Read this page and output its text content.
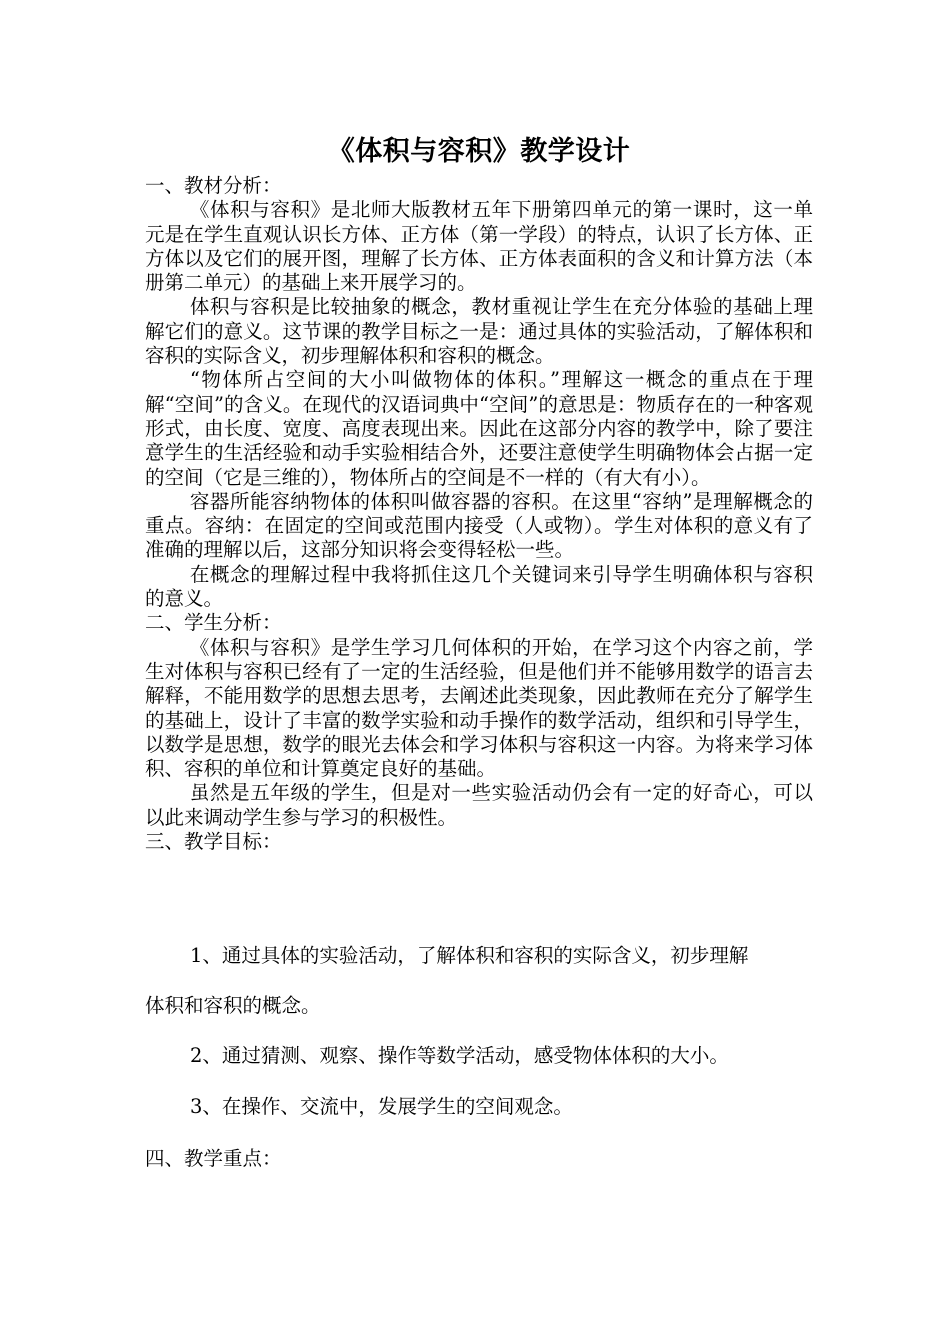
《体积与容积》教学设计

一、教材分析：

《体积与容积》是北师大版教材五年下册第四单元的第一课时，这一单元是在学生直观认识长方体、正方体（第一学段）的特点，认识了长方体、正方体以及它们的展开图，理解了长方体、正方体表面积的含义和计算方法（本册第二单元）的基础上来开展学习的。

体积与容积是比较抽象的概念，教材重视让学生在充分体验的基础上理解它们的意义。这节课的教学目标之一是：通过具体的实验活动，了解体积和容积的实际含义，初步理解体积和容积的概念。

“物体所占空间的大小叫做物体的体积。”理解这一概念的重点在于理解“空间”的含义。在现代的汉语词典中“空间”的意思是：物质存在的一种客观形式，由长度、宽度、高度表现出来。因此在这部分内容的教学中，除了要注意学生的生活经验和动手实验相结合外，还要注意使学生明确物体会占据一定的空间（它是三维的），物体所占的空间是不一样的（有大有小）。

容器所能容纳物体的体积叫做容器的容积。在这里“容纳”是理解概念的重点。容纳：在固定的空间或范围内接受（人或物）。学生对体积的意义有了准确的理解以后，这部分知识将会变得轻松一些。

在概念的理解过程中我将抓住这几个关键词来引导学生明确体积与容积的意义。

二、学生分析：

《体积与容积》是学生学习几何体积的开始，在学习这个内容之前，学生对体积与容积已经有了一定的生活经验，但是他们并不能够用数学的语言去解释，不能用数学的思想去思考，去阐述此类现象，因此教师在充分了解学生的基础上，设计了丰富的数学实验和动手操作的数学活动，组织和引导学生，以数学是思想，数学的眼光去体会和学习体积与容积这一内容。为将来学习体积、容积的单位和计算奠定良好的基础。

虽然是五年级的学生，但是对一些实验活动仍会有一定的好奇心，可以以此来调动学生参与学习的积极性。

三、教学目标：

1、通过具体的实验活动，了解体积和容积的实际含义，初步理解

体积和容积的概念。

2、通过猜测、观察、操作等数学活动，感受物体体积的大小。

3、在操作、交流中，发展学生的空间观念。

四、教学重点：
